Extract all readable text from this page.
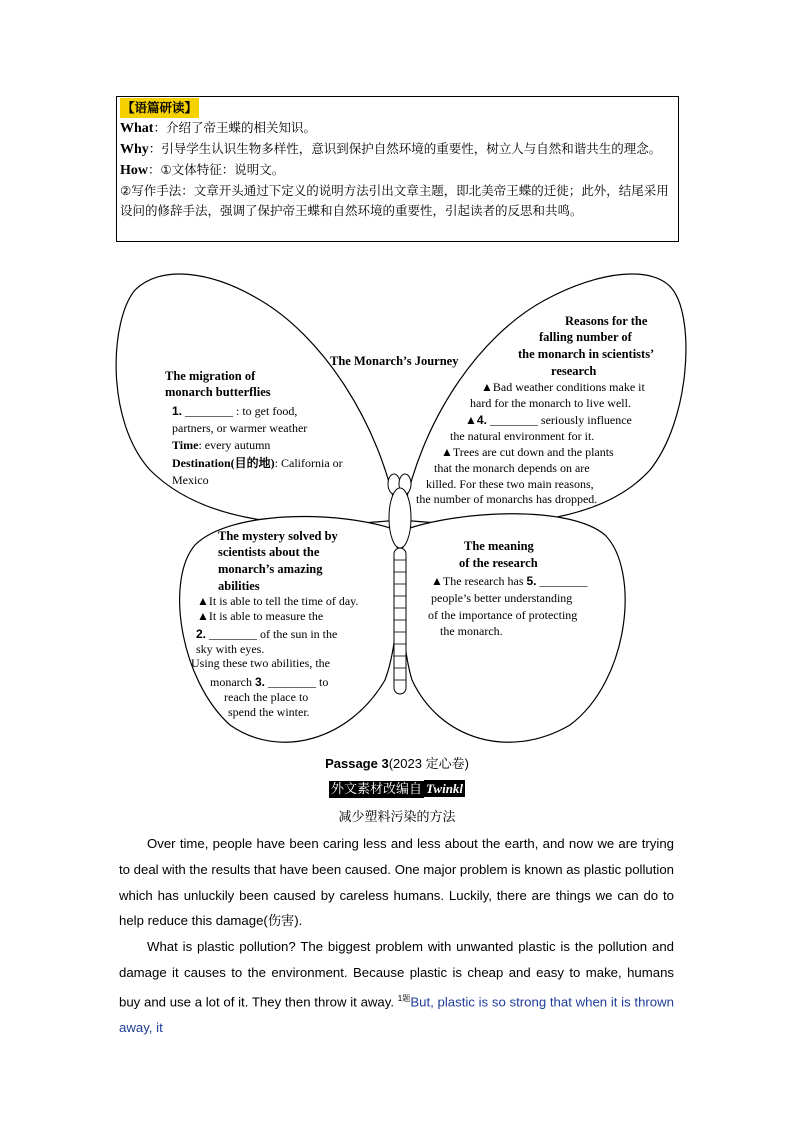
【语篇研读】

What：介绍了帝王蝶的相关知识。

Why：引导学生认识生物多样性，意识到保护自然环境的重要性，树立人与自然和谐共生的理念。

How：①文体特征：说明文。

②写作手法：文章开头通过下定义的说明方法引出文章主题，即北美帝王蝶的迁徙；此外，结尾采用设问的修辞手法，强调了保护帝王蝶和自然环境的重要性，引起读者的反思和共鸣。

The Monarch’s Journey
The migration of
monarch butterflies
1. ________ : to get food,
partners, or warmer weather
Time: every autumn
Destination(目的地): California or
Mexico
Reasons for the
falling number of
the monarch in scientists’
research
▲Bad weather conditions make it
hard for the monarch to live well.
▲4. ________ seriously influence
the natural environment for it.
▲Trees are cut down and the plants
that the monarch depends on are
killed. For these two main reasons,
the number of monarchs has dropped.
The mystery solved by
scientists about the
monarch’s amazing
abilities
▲It is able to tell the time of day.
▲It is able to measure the
2. ________ of the sun in the
sky with eyes.
Using these two abilities, the
monarch 3. ________ to
reach the place to
spend the winter.
The meaning
of the research
▲The research has 5. ________
people’s better understanding
of the importance of protecting
the monarch.
Passage 3(2023 定心卷)
外文素材改编自 Twinkl
减少塑料污染的方法

Over time, people have been caring less and less about the earth, and now we are trying to deal with the results that have been caused. One major problem is known as plastic pollution which has unluckily been caused by careless humans. Luckily, there are things we can do to help reduce this damage(伤害).

What is plastic pollution? The biggest problem with unwanted plastic is the pollution and damage it causes to the environment. Because plastic is cheap and easy to make, humans buy and use a lot of it. They then throw it away. $^{1题}$But, plastic is so strong that when it is thrown away, it
